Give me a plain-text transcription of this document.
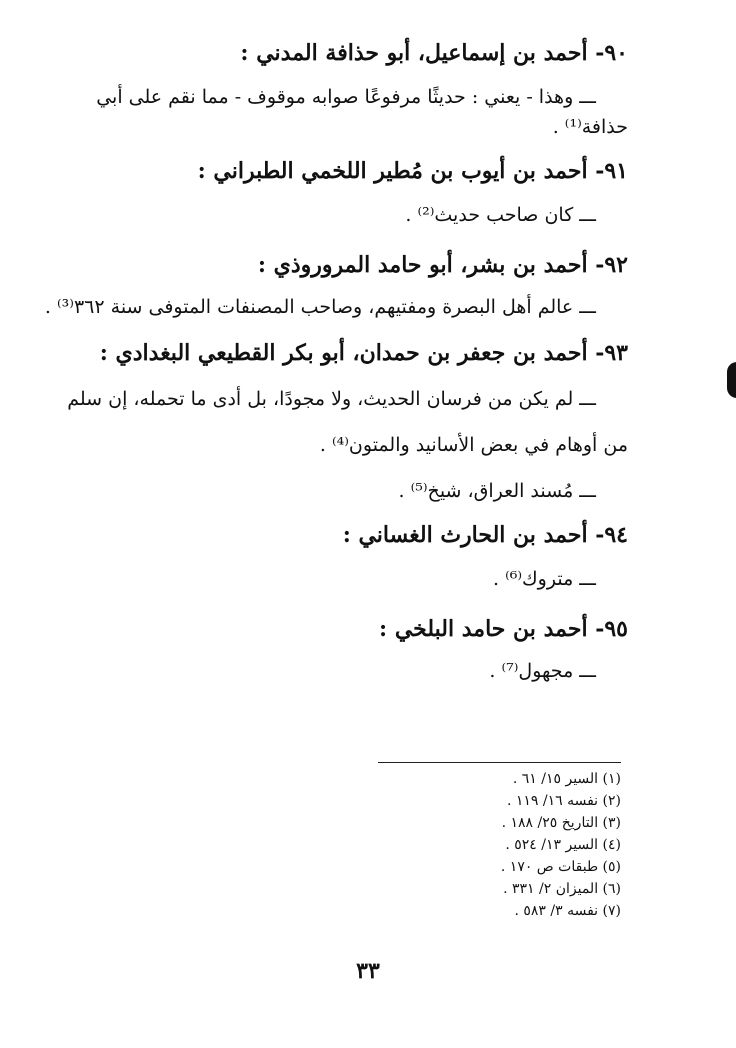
٩٠- أحمد بن إسماعيل، أبو حذافة المدني :
ـــ وهذا - يعني : حديثًا مرفوعًا صوابه موقوف - مما نقم على أبي
حذافة⁽¹⁾ .
٩١- أحمد بن أيوب بن مُطير اللخمي الطبراني :
ـــ كان صاحب حديث⁽²⁾ .
٩٢- أحمد بن بشر، أبو حامد المروروذي :
ـــ عالم أهل البصرة ومفتيهم، وصاحب المصنفات المتوفى سنة ٣٦٢⁽³⁾ .
٩٣- أحمد بن جعفر بن حمدان، أبو بكر القطيعي البغدادي :
ـــ لم يكن من فرسان الحديث، ولا مجودًا، بل أدى ما تحمله، إن سلم
من أوهام في بعض الأسانيد والمتون⁽⁴⁾ .
ـــ مُسند العراق، شيخ⁽⁵⁾ .
٩٤- أحمد بن الحارث الغساني :
ـــ متروك⁽⁶⁾ .
٩٥- أحمد بن حامد البلخي :
ـــ مجهول⁽⁷⁾ .
(١) السير ١٥/ ٦١ .
(٢) نفسه ١٦/ ١١٩ .
(٣) التاريخ ٢٥/ ١٨٨ .
(٤) السير ١٣/ ٥٢٤ .
(٥) طبقات ص ١٧٠ .
(٦) الميزان ٢/ ٣٣١ .
(٧) نفسه ٣/ ٥٨٣ .
٣٣
